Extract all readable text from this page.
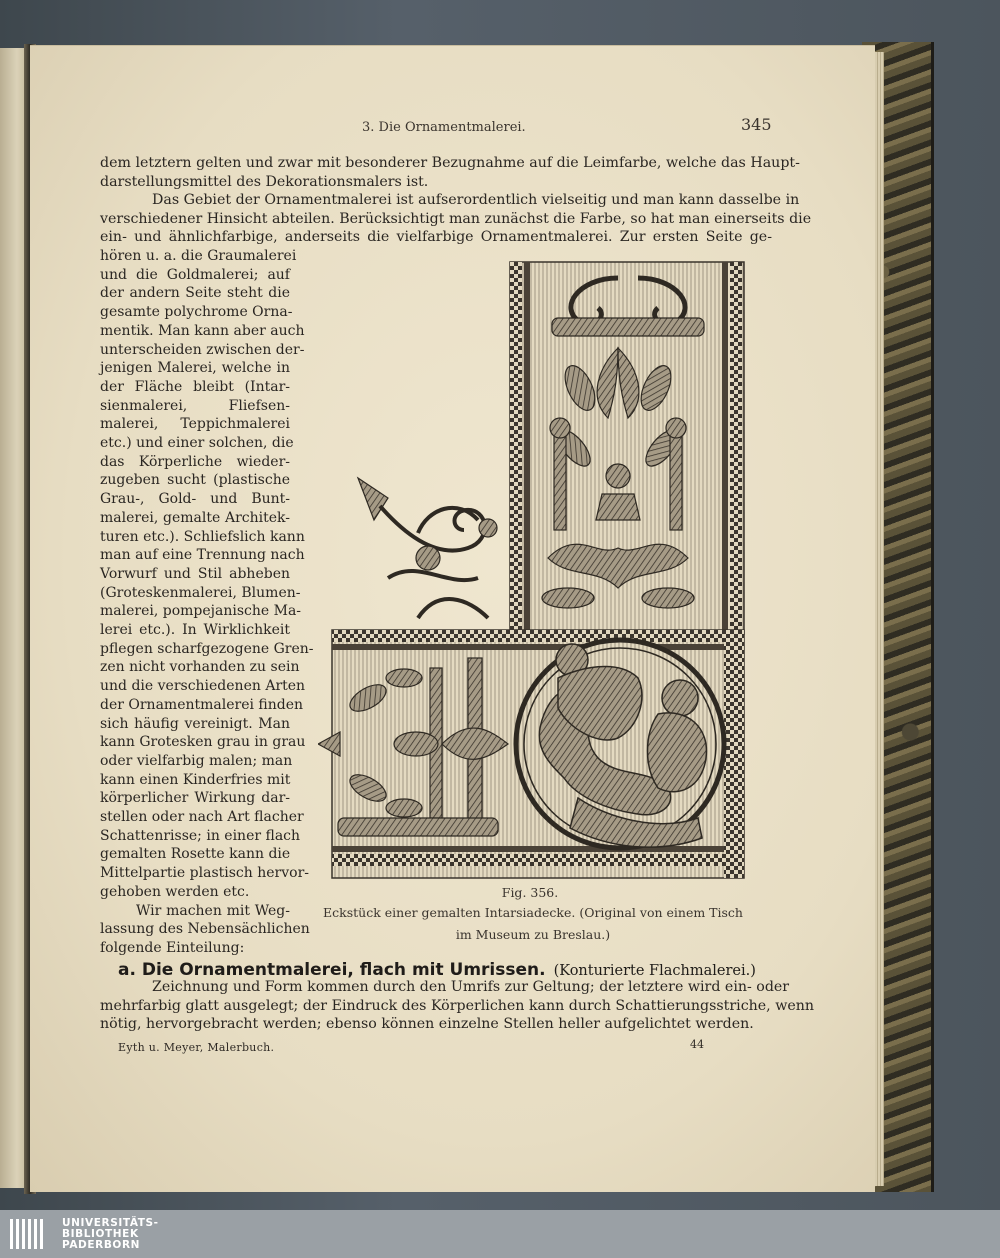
3. Die Ornamentmalerei.	345
dem letztern gelten und zwar mit besonderer Bezugnahme auf die Leimfarbe, welche das Haupt-
darstellungsmittel des Dekorationsmalers ist.
Das Gebiet der Ornamentmalerei ist aufserordentlich vielseitig und man kann dasselbe in
verschiedener Hinsicht abteilen. Berücksichtigt man zunächst die Farbe, so hat man einerseits die
ein- und ähnlichfarbige, anderseits die vielfarbige Ornamentmalerei. Zur ersten Seite ge-
hören u. a. die Graumalerei
und die Goldmalerei; auf
der andern Seite steht die
gesamte polychrome Orna-
mentik. Man kann aber auch
unterscheiden zwischen der-
jenigen Malerei, welche in
der Fläche bleibt (Intar-
sienmalerei, Fliefsen-
malerei, Teppichmalerei
etc.) und einer solchen, die
das Körperliche wieder-
zugeben sucht (plastische
Grau-, Gold- und Bunt-
malerei, gemalte Architek-
turen etc.). Schliefslich kann
man auf eine Trennung nach
Vorwurf und Stil abheben
(Groteskenmalerei, Blumen-
malerei, pompejanische Ma-
lerei etc.). In Wirklichkeit
pflegen scharfgezogene Gren-
zen nicht vorhanden zu sein
und die verschiedenen Arten
der Ornamentmalerei finden
sich häufig vereinigt. Man
kann Grotesken grau in grau
oder vielfarbig malen; man
kann einen Kinderfries mit
körperlicher Wirkung dar-
stellen oder nach Art flacher
Schattenrisse; in einer flach
gemalten Rosette kann die
Mittelpartie plastisch hervor-
gehoben werden etc.
Wir machen mit Weg-
lassung des Nebensächlichen
folgende Einteilung:
Fig. 356.
Eckstück einer gemalten Intarsiadecke. (Original von einem Tisch
im Museum zu Breslau.)
a. Die Ornamentmalerei, flach mit Umrissen. (Konturierte Flachmalerei.)
Zeichnung und Form kommen durch den Umrifs zur Geltung; der letztere wird ein- oder
mehrfarbig glatt ausgelegt; der Eindruck des Körperlichen kann durch Schattierungsstriche, wenn
nötig, hervorgebracht werden; ebenso können einzelne Stellen heller aufgelichtet werden.
Eyth u. Meyer, Malerbuch.	44
UNIVERSITÄTS-
BIBLIOTHEK
PADERBORN
